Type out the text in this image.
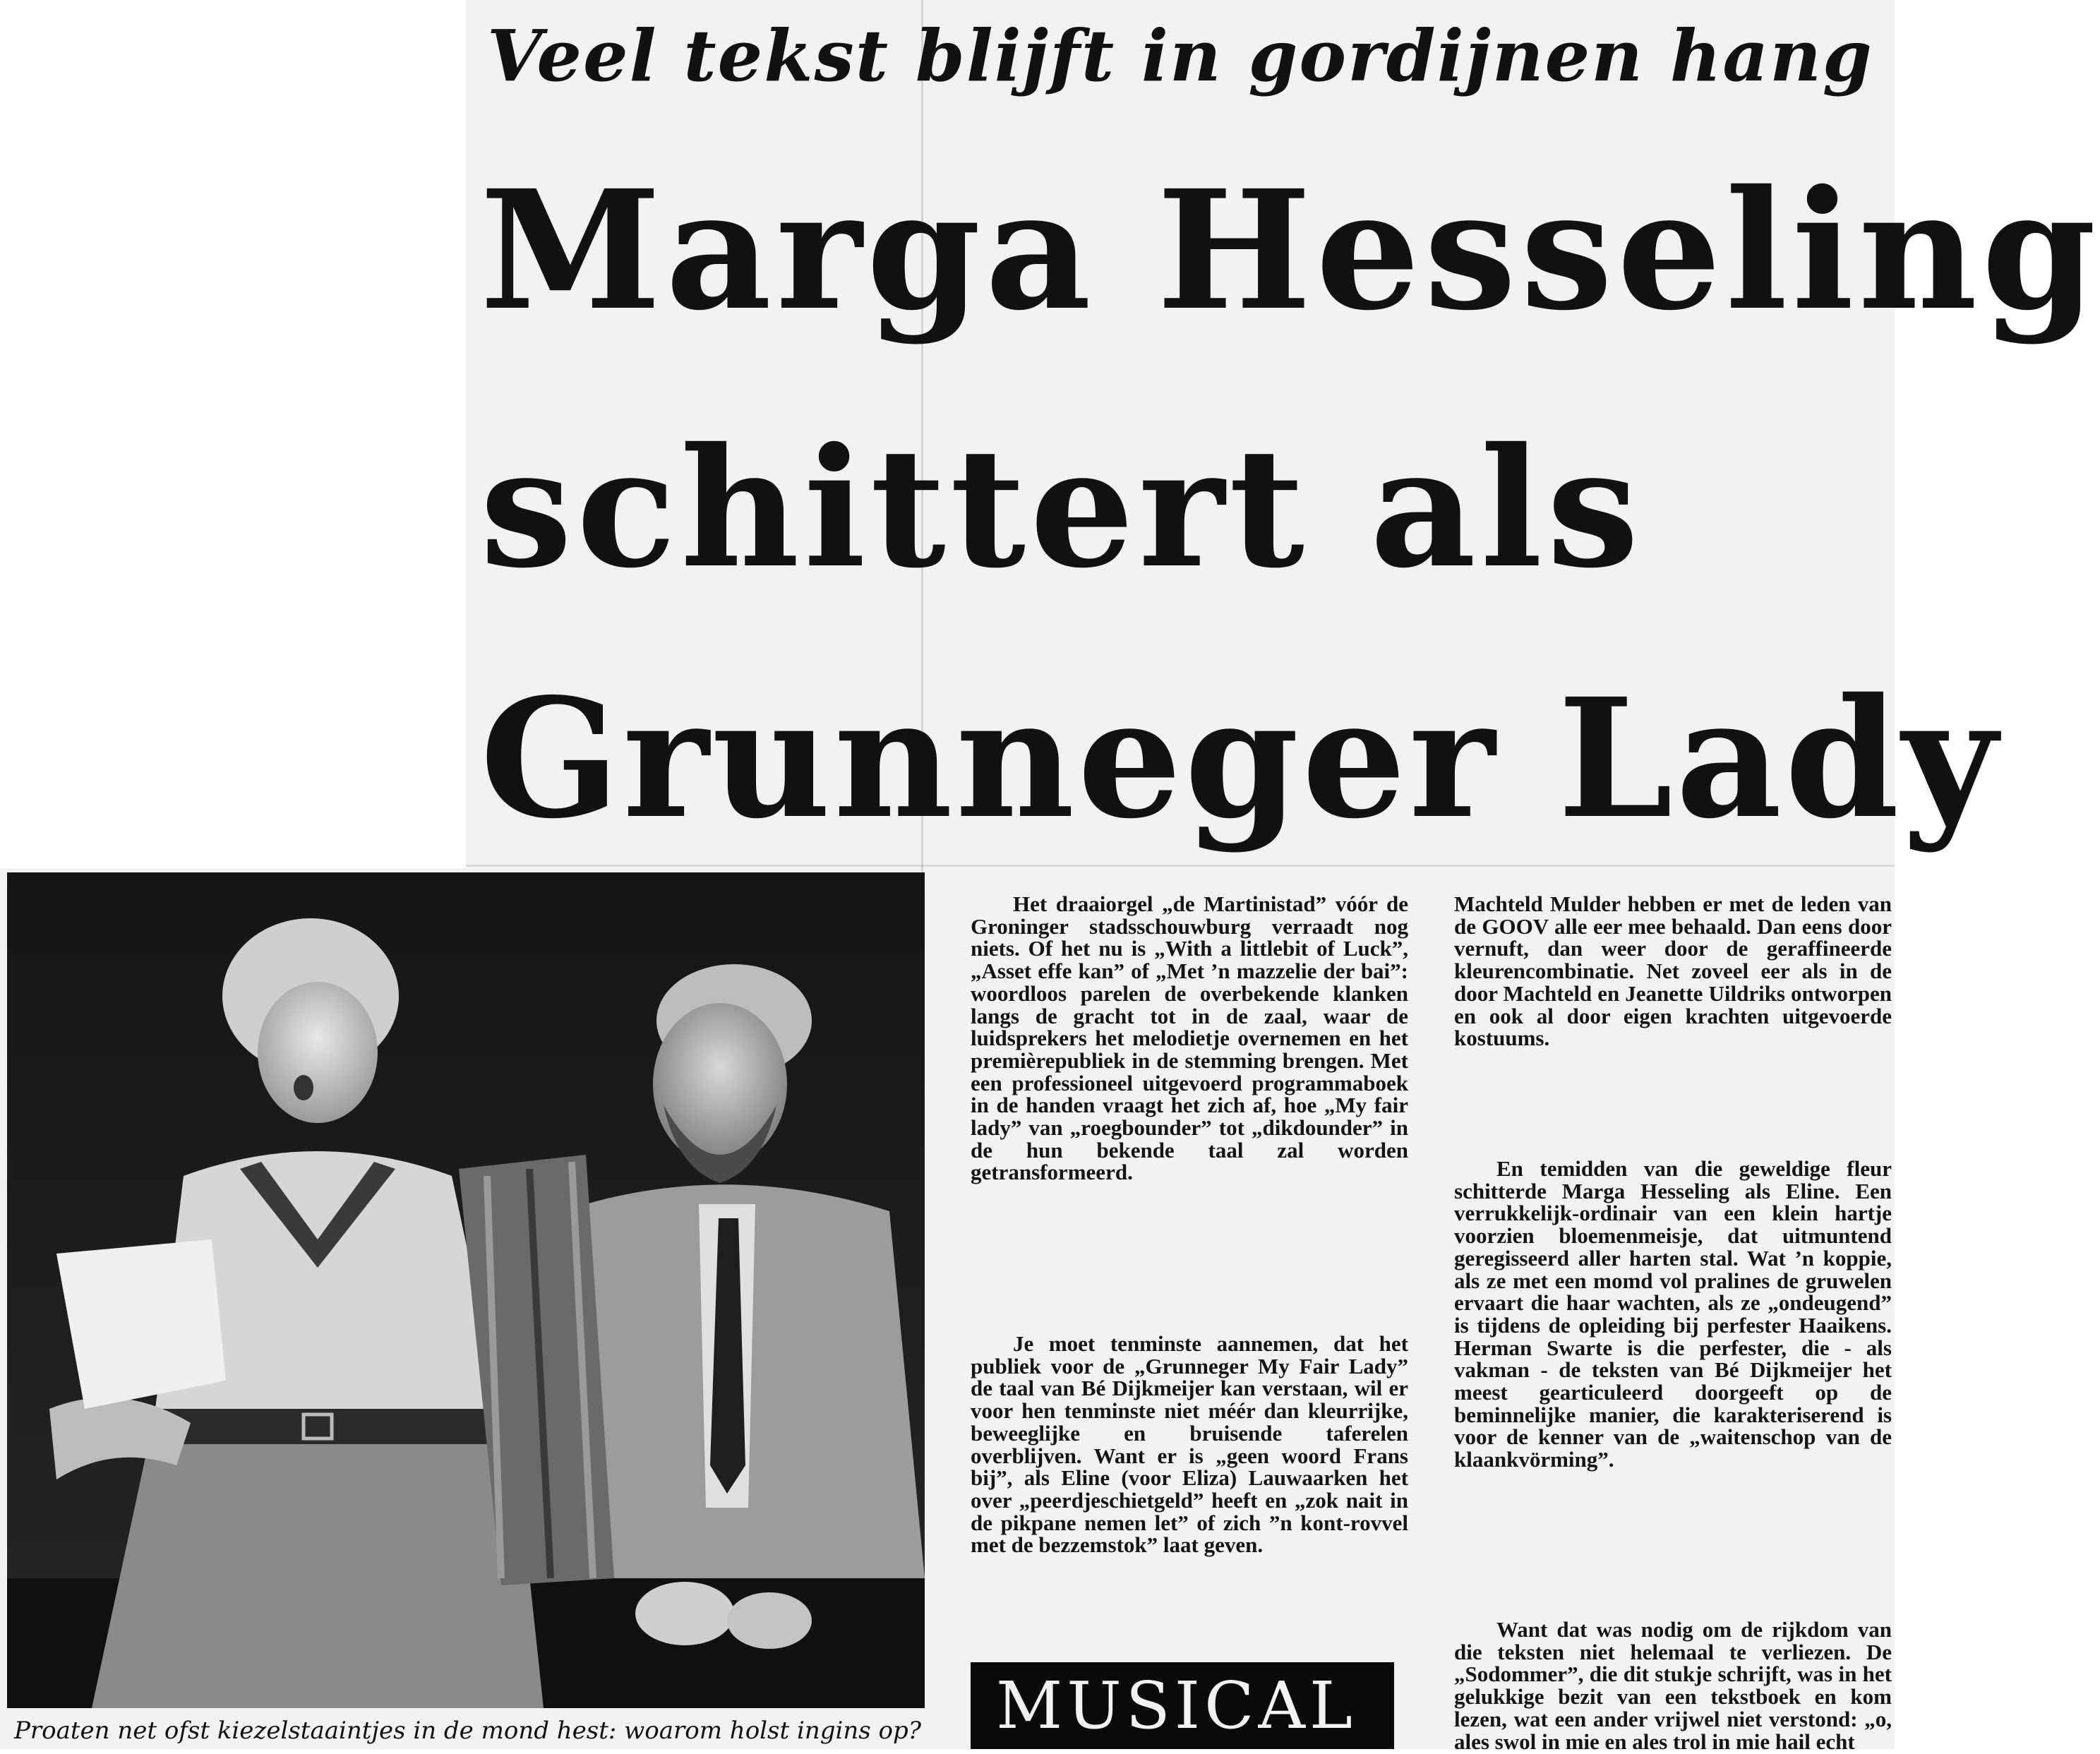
Veel tekst blijft in gordijnen hang
Marga Hesseling
schittert als
Grunneger Lady
Proaten net ofst kiezelstaaintjes in de mond hest: woarom holst ingins op?

Het draaiorgel „de Martinistad” vóór de Groninger stadsschouwburg verraadt nog niets. Of het nu is „With a littlebit of Luck”, „Asset effe kan” of „Met ’n mazzelie der bai”: woordloos parelen de overbekende klanken langs de gracht tot in de zaal, waar de luidsprekers het melodietje overnemen en het premièrepubliek in de stemming brengen. Met een professioneel uitgevoerd programmaboek in de handen vraagt het zich af, hoe „My fair lady” van „roegbounder” tot „dikdounder” in de hun bekende taal zal worden getransformeerd.

Je moet tenminste aannemen, dat het publiek voor de „Grunneger My Fair Lady” de taal van Bé Dijkmeijer kan verstaan, wil er voor hen tenminste niet méér dan kleurrijke, beweeglijke en bruisende taferelen overblijven. Want er is „geen woord Frans bij”, als Eline (voor Eliza) Lauwaarken het over „peerdjeschietgeld” heeft en „zok nait in de pikpane nemen let” of zich ”n kont-rovvel met de bezzemstok” laat geven.

MUSICAL

Machteld Mulder hebben er met de leden van de GOOV alle eer mee behaald. Dan eens door vernuft, dan weer door de geraffineerde kleurencombinatie. Net zoveel eer als in de door Machteld en Jeanette Uildriks ontworpen en ook al door eigen krachten uitgevoerde kostuums.

En temidden van die geweldige fleur schitterde Marga Hesseling als Eline. Een verrukkelijk-ordinair van een klein hartje voorzien bloemenmeisje, dat uitmuntend geregisseerd aller harten stal. Wat ’n koppie, als ze met een momd vol pralines de gruwelen ervaart die haar wachten, als ze „ondeugend” is tijdens de opleiding bij perfester Haaikens. Herman Swarte is die perfester, die - als vakman - de teksten van Bé Dijkmeijer het meest gearticuleerd doorgeeft op de beminnelijke manier, die karakteriserend is voor de kenner van de „waitenschop van de klaankvörming”.

Want dat was nodig om de rijkdom van die teksten niet helemaal te verliezen. De „Sodommer”, die dit stukje schrijft, was in het gelukkige bezit van een tekstboek en kom lezen, wat een ander vrijwel niet verstond: „o, ales swol in mie en ales trol in mie hail echt
